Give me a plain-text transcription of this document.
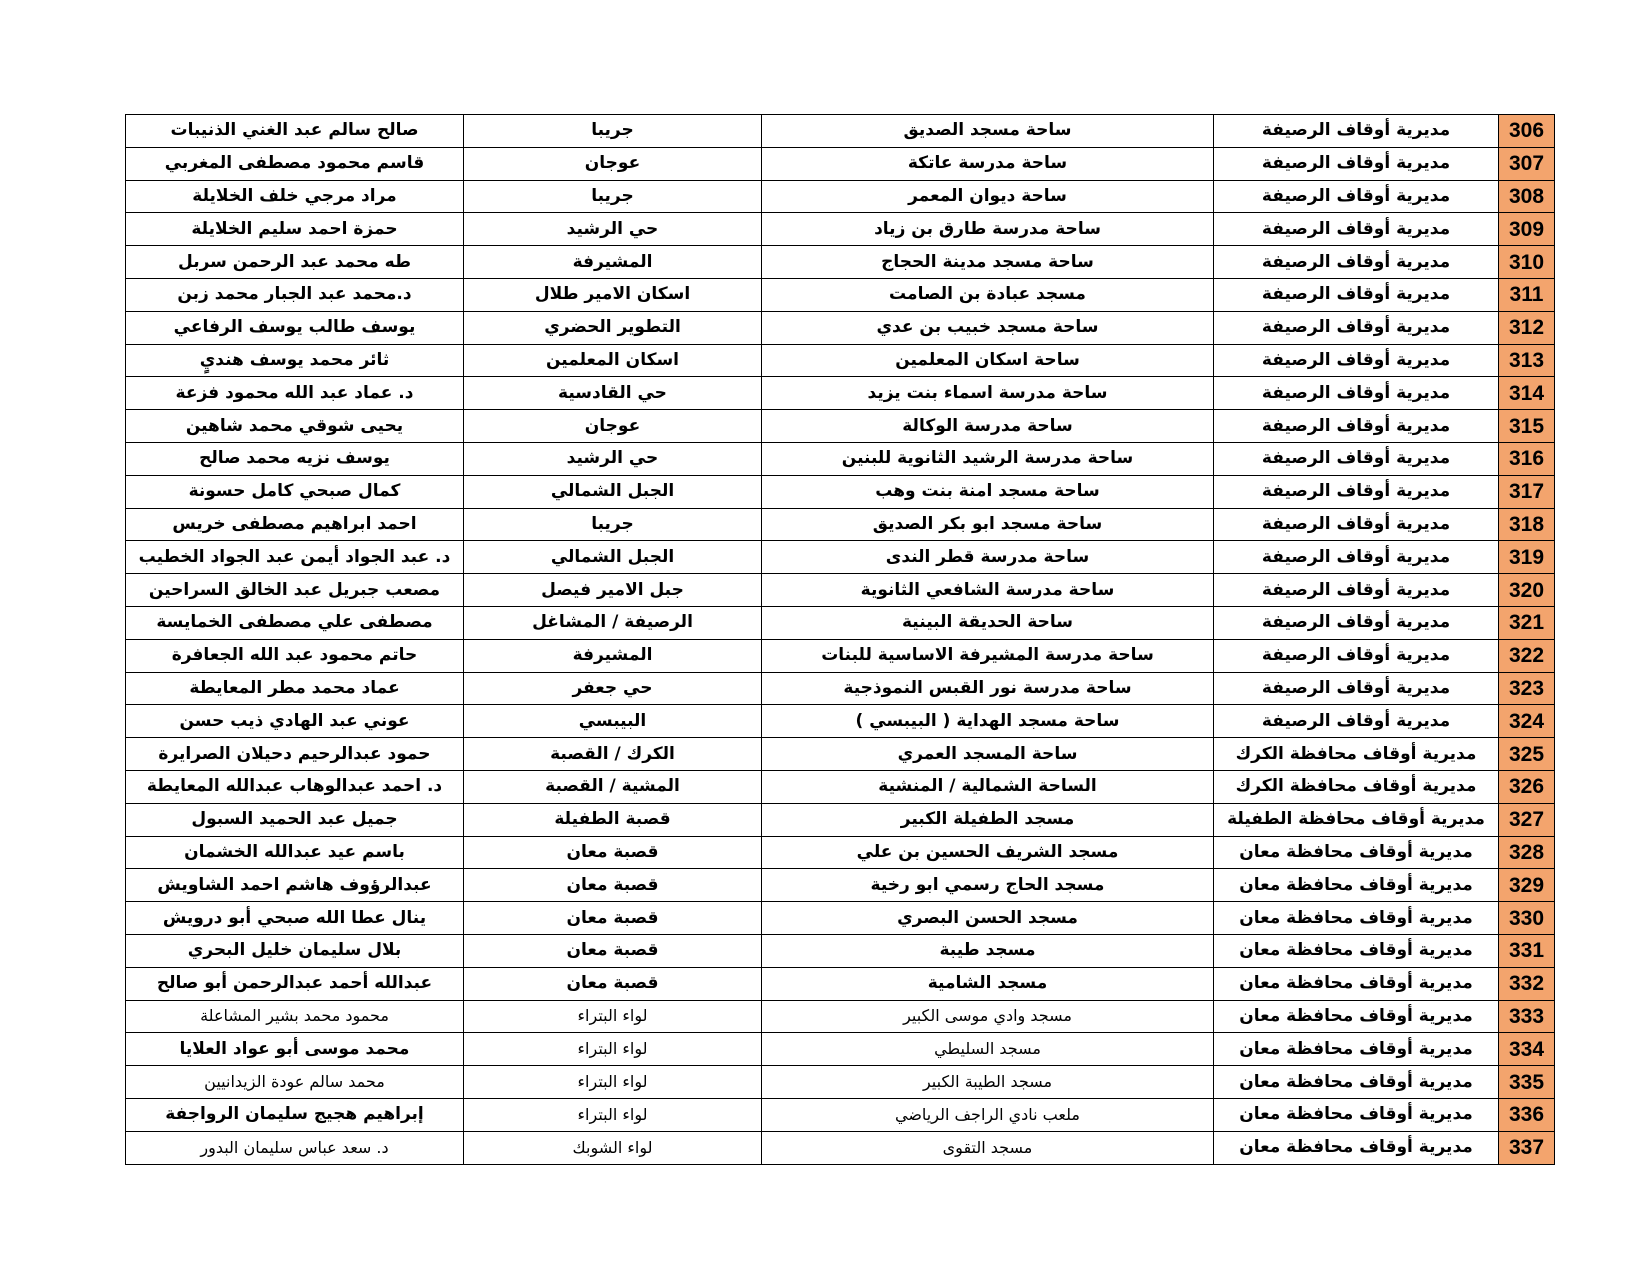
306	مديرية أوقاف الرصيفة	ساحة مسجد الصديق	جريبا	صالح سالم عبد الغني الذنيبات
307	مديرية أوقاف الرصيفة	ساحة مدرسة عاتكة	عوجان	قاسم محمود مصطفى المغربي
308	مديرية أوقاف الرصيفة	ساحة ديوان المعمر	جريبا	مراد مرجي خلف الخلايلة
309	مديرية أوقاف الرصيفة	ساحة مدرسة طارق بن زياد	حي الرشيد	حمزة احمد سليم الخلايلة
310	مديرية أوقاف الرصيفة	ساحة مسجد مدينة الحجاج	المشيرفة	طه محمد عبد الرحمن سربل
311	مديرية أوقاف الرصيفة	مسجد عبادة بن الصامت	اسكان الامير طلال	د.محمد عبد الجبار محمد زبن
312	مديرية أوقاف الرصيفة	ساحة مسجد خبيب بن عدي	التطوير الحضري	يوسف طالب يوسف الرفاعي
313	مديرية أوقاف الرصيفة	ساحة اسكان المعلمين	اسكان المعلمين	ثائر محمد يوسف هنديٍ
314	مديرية أوقاف الرصيفة	ساحة مدرسة اسماء بنت يزيد	حي القادسية	د. عماد عبد الله محمود فزعة
315	مديرية أوقاف الرصيفة	ساحة مدرسة الوكالة	عوجان	يحيى شوقي محمد شاهين
316	مديرية أوقاف الرصيفة	ساحة مدرسة الرشيد الثانوية للبنين	حي الرشيد	يوسف نزيه محمد صالح
317	مديرية أوقاف الرصيفة	ساحة مسجد امنة بنت وهب	الجبل الشمالي	كمال صبحي كامل حسونة
318	مديرية أوقاف الرصيفة	ساحة مسجد ابو بكر الصديق	جريبا	احمد ابراهيم مصطفى خريس
319	مديرية أوقاف الرصيفة	ساحة مدرسة قطر الندى	الجبل الشمالي	د. عبد الجواد أيمن عبد الجواد الخطيب
320	مديرية أوقاف الرصيفة	ساحة مدرسة الشافعي الثانوية	جبل الامير فيصل	مصعب جبريل عبد الخالق السراحين
321	مديرية أوقاف الرصيفة	ساحة الحديقة البينية	الرصيفة / المشاغل	مصطفى علي مصطفى الخمايسة
322	مديرية أوقاف الرصيفة	ساحة مدرسة المشيرفة الاساسية للبنات	المشيرفة	حاتم محمود عبد الله الجعافرة
323	مديرية أوقاف الرصيفة	ساحة مدرسة نور القبس النموذجية	حي جعفر	عماد محمد مطر المعايطة
324	مديرية أوقاف الرصيفة	ساحة مسجد الهداية ( البيبسي )	البيبسي	عوني عبد الهادي ذيب حسن
325	مديرية أوقاف محافظة الكرك	ساحة المسجد العمري	الكرك / القصبة	حمود عبدالرحيم دحيلان الصرايرة
326	مديرية أوقاف محافظة الكرك	الساحة الشمالية / المنشية	المشية / القصبة	د. احمد عبدالوهاب عبدالله المعايطة
327	مديرية أوقاف محافظة الطفيلة	مسجد الطفيلة الكبير	قصبة الطفيلة	جميل عبد الحميد السبول
328	مديرية أوقاف محافظة معان	مسجد الشريف الحسين بن علي	قصبة معان	باسم عيد عبدالله الخشمان
329	مديرية أوقاف محافظة معان	مسجد الحاج رسمي ابو رخية	قصبة معان	عبدالرؤوف هاشم احمد الشاويش
330	مديرية أوقاف محافظة معان	مسجد الحسن البصري	قصبة معان	ينال عطا الله صبحي أبو درويش
331	مديرية أوقاف محافظة معان	مسجد طيبة	قصبة معان	بلال سليمان خليل البحري
332	مديرية أوقاف محافظة معان	مسجد الشامية	قصبة معان	عبدالله أحمد عبدالرحمن أبو صالح
333	مديرية أوقاف محافظة معان	مسجد وادي موسى الكبير	لواء البتراء	محمود محمد بشير المشاعلة
334	مديرية أوقاف محافظة معان	مسجد السليطي	لواء البتراء	محمد موسى أبو عواد العلايا
335	مديرية أوقاف محافظة معان	مسجد الطيبة الكبير	لواء البتراء	محمد سالم عودة الزيدانيين
336	مديرية أوقاف محافظة معان	ملعب نادي الراجف الرياضي	لواء البتراء	إبراهيم هجيج سليمان الرواجفة
337	مديرية أوقاف محافظة معان	مسجد التقوى	لواء الشوبك	د. سعد عباس سليمان البدور
